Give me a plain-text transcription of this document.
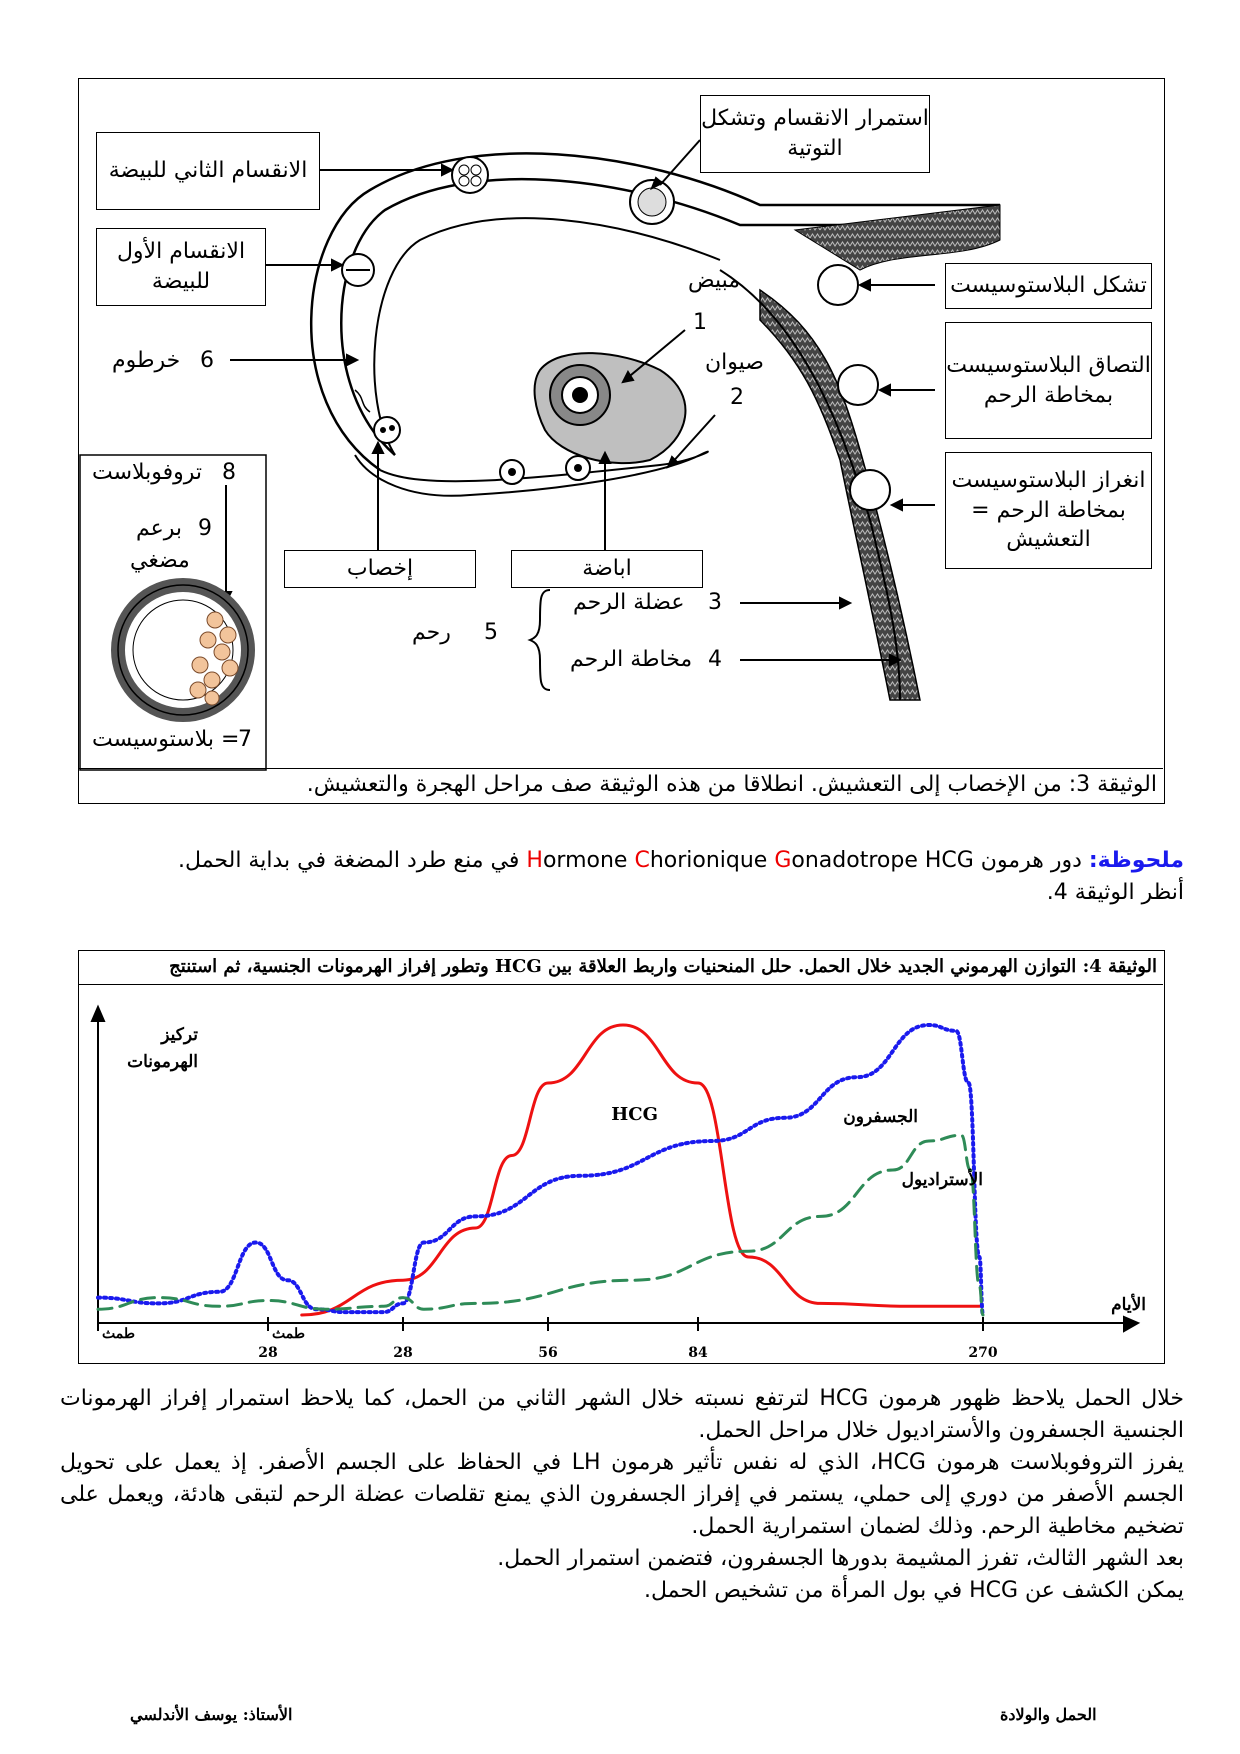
الانقسام الثاني للبيضة
استمرار الانقسام وتشكل التوتية
الانقسام الأول للبيضة	تشكل البلاستوسيست
التصاق البلاستوسيست بمخاطة الرحم
انغراز البلاستوسيست بمخاطة الرحم = التعشيش
إخصاب	اباضة
مبيض
1
صيوان
2
خرطوم 6
عضلة الرحم 3
مخاطة الرحم 4
رحم 5
تروفوبلاست 8
برعم 9
مضغي
= بلاستوسيست
7
الوثيقة 3: من الإخصاب إلى التعشيش. انطلاقا من هذه الوثيقة صف مراحل الهجرة والتعشيش.
ملحوظة: دور هرمون Hormone Chorionique Gonadotrope HCG في منع طرد المضغة في بداية الحمل.
أنظر الوثيقة 4.
الوثيقة 4: التوازن الهرموني الجديد خلال الحمل. حلل المنحنيات واربط العلاقة بين HCG وتطور إفراز الهرمونات الجنسية، ثم استنتج
طمث
28
طمث
28	56	84	270
تركيز
الهرمونات
الأيام
HCG	الجسفرون
الأستراديول
خلال الحمل يلاحظ ظهور هرمون HCG لترتفع نسبته خلال الشهر الثاني من الحمل، كما يلاحظ استمرار إفراز الهرمونات الجنسية الجسفرون والأستراديول خلال مراحل الحمل.
يفرز التروفوبلاست هرمون HCG، الذي له نفس تأثير هرمون LH في الحفاظ على الجسم الأصفر. إذ يعمل على تحويل الجسم الأصفر من دوري إلى حملي، يستمر في إفراز الجسفرون الذي يمنع تقلصات عضلة الرحم لتبقى هادئة، ويعمل على تضخيم مخاطية الرحم. وذلك لضمان استمرارية الحمل.
بعد الشهر الثالث، تفرز المشيمة بدورها الجسفرون، فتضمن استمرار الحمل.
يمكن الكشف عن HCG في بول المرأة من تشخيص الحمل.
الأستاذ: يوسف الأندلسي	الحمل والولادة
